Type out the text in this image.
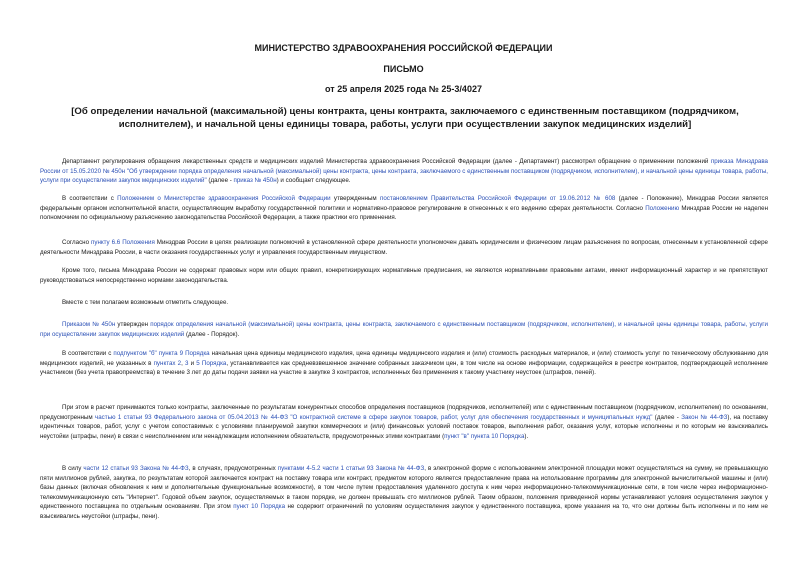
МИНИСТЕРСТВО ЗДРАВООХРАНЕНИЯ РОССИЙСКОЙ ФЕДЕРАЦИИ
ПИСЬМО
от 25 апреля 2025 года № 25-3/4027
[Об определении начальной (максимальной) цены контракта, цены контракта, заключаемого с единственным поставщиком (подрядчиком, исполнителем), и начальной цены единицы товара, работы, услуги при осуществлении закупок медицинских изделий]

Департамент регулирования обращения лекарственных средств и медицинских изделий Министерства здравоохранения Российской Федерации (далее - Департамент) рассмотрел обращение о применении положений приказа Минздрава России от 15.05.2020 № 450н "Об утверждении порядка определения начальной (максимальной) цены контракта, цены контракта, заключаемого с единственным поставщиком (подрядчиком, исполнителем), и начальной цены единицы товара, работы, услуги при осуществлении закупок медицинских изделий" (далее - приказ № 450н) и сообщает следующее.

В соответствии с Положением о Министерстве здравоохранения Российской Федерации утвержденным постановлением Правительства Российской Федерации от 19.06.2012 № 608 (далее - Положение), Минздрав России является федеральным органом исполнительной власти, осуществляющим выработку государственной политики и нормативно-правовое регулирование в отнесенных к его ведению сферах деятельности. Согласно Положению Минздрав России не наделен полномочием по официальному разъяснению законодательства Российской Федерации, а также практики его применения.

Согласно пункту 6.6 Положения Минздрав России в целях реализации полномочий в установленной сфере деятельности уполномочен давать юридическим и физическим лицам разъяснения по вопросам, отнесенным к установленной сфере деятельности Минздрава России, в части оказания государственных услуг и управления государственным имуществом.

Кроме того, письма Минздрава России не содержат правовых норм или общих правил, конкретизирующих нормативные предписания, не являются нормативными правовыми актами, имеют информационный характер и не препятствуют руководствоваться непосредственно нормами законодательства.

Вместе с тем полагаем возможным отметить следующее.

Приказом № 450н утвержден порядок определения начальной (максимальной) цены контракта, цены контракта, заключаемого с единственным поставщиком (подрядчиком, исполнителем), и начальной цены единицы товара, работы, услуги при осуществлении закупок медицинских изделий (далее - Порядок).

В соответствии с подпунктом "б" пункта 9 Порядка начальная цена единицы медицинского изделия, цена единицы медицинского изделия и (или) стоимость расходных материалов, и (или) стоимость услуг по техническому обслуживанию для медицинских изделий, не указанных в пунктах 2, 3 и 5 Порядка, устанавливается как средневзвешенное значение собранных заказчиком цен, в том числе на основе информации, содержащейся в реестре контрактов, подтверждающей исполнение участником (без учета правопреемства) в течение 3 лет до даты подачи заявки на участие в закупке 3 контрактов, исполненных без применения к такому участнику неустоек (штрафов, пеней).

При этом в расчет принимаются только контракты, заключенные по результатам конкурентных способов определения поставщиков (подрядчиков, исполнителей) или с единственным поставщиком (подрядчиком, исполнителем) по основаниям, предусмотренным частью 1 статьи 93 Федерального закона от 05.04.2013 № 44-ФЗ "О контрактной системе в сфере закупок товаров, работ, услуг для обеспечения государственных и муниципальных нужд" (далее - Закон № 44-ФЗ), на поставку идентичных товаров, работ, услуг с учетом сопоставимых с условиями планируемой закупки коммерческих и (или) финансовых условий поставок товаров, выполнения работ, оказания услуг, которые исполнены и по которым не взыскивались неустойки (штрафы, пени) в связи с неисполнением или ненадлежащим исполнением обязательств, предусмотренных этими контрактами (пункт "в" пункта 10 Порядка).

В силу части 12 статьи 93 Закона № 44-ФЗ, в случаях, предусмотренных пунктами 4-5.2 части 1 статьи 93 Закона № 44-ФЗ, в электронной форме с использованием электронной площадки может осуществляться на сумму, не превышающую пяти миллионов рублей, закупка, по результатам которой заключается контракт на поставку товара или контракт, предметом которого является предоставление права на использование программы для электронной вычислительной машины и (или) базы данных (включая обновления к ним и дополнительные функциональные возможности), в том числе путем предоставления удаленного доступа к ним через информационно-телекоммуникационные сети, в том числе через информационно-телекоммуникационную сеть "Интернет". Годовой объем закупок, осуществляемых в таком порядке, не должен превышать сто миллионов рублей. Таким образом, положения приведенной нормы устанавливают условия осуществления закупок у единственного поставщика по отдельным основаниям. При этом пункт 10 Порядка не содержит ограничений по условиям осуществления закупок у единственного поставщика, кроме указания на то, что они должны быть исполнены и по ним не взыскивались неустойки (штрафы, пени).
